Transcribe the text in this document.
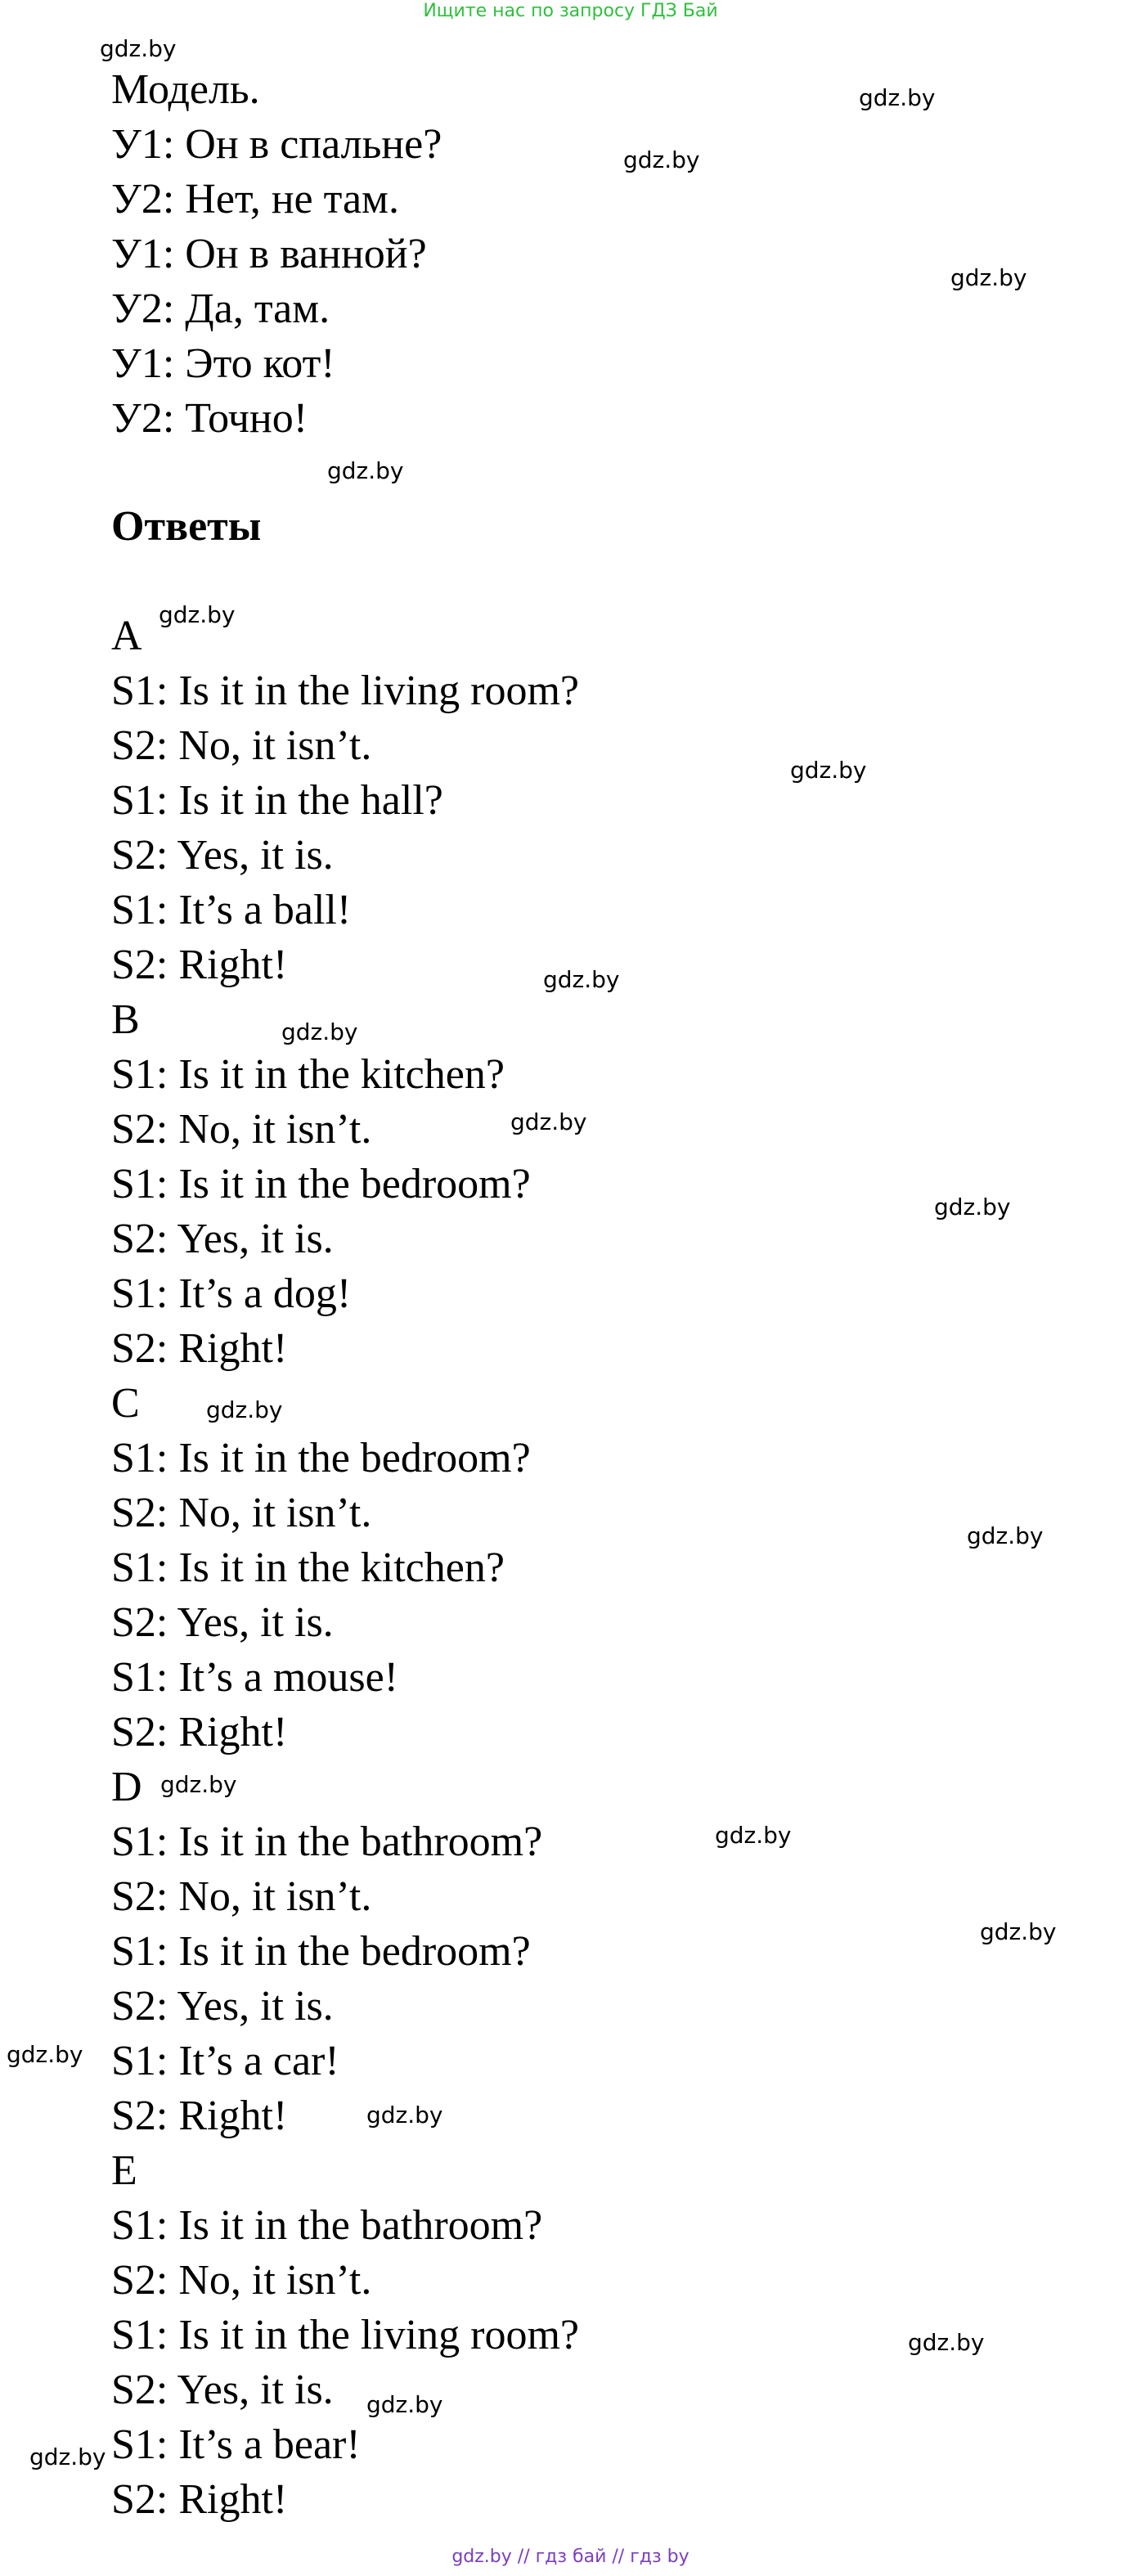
Ищите нас по запросу ГДЗ Бай
Модель.
У1: Он в спальне?
У2: Нет, не там.
У1: Он в ванной?
У2: Да, там.
У1: Это кот!
У2: Точно!
Ответы
A
S1: Is it in the living room?
S2: No, it isn’t.
S1: Is it in the hall?
S2: Yes, it is.
S1: It’s a ball!
S2: Right!
B
S1: Is it in the kitchen?
S2: No, it isn’t.
S1: Is it in the bedroom?
S2: Yes, it is.
S1: It’s a dog!
S2: Right!
C
S1: Is it in the bedroom?
S2: No, it isn’t.
S1: Is it in the kitchen?
S2: Yes, it is.
S1: It’s a mouse!
S2: Right!
D
S1: Is it in the bathroom?
S2: No, it isn’t.
S1: Is it in the bedroom?
S2: Yes, it is.
S1: It’s a car!
S2: Right!
E
S1: Is it in the bathroom?
S2: No, it isn’t.
S1: Is it in the living room?
S2: Yes, it is.
S1: It’s a bear!
S2: Right!
gdz.by
gdz.by
gdz.by
gdz.by
gdz.by
gdz.by
gdz.by
gdz.by
gdz.by
gdz.by
gdz.by
gdz.by
gdz.by
gdz.by
gdz.by
gdz.by
gdz.by
gdz.by
gdz.by
gdz.by
gdz.by
gdz.by // гдз бай // гдз by
